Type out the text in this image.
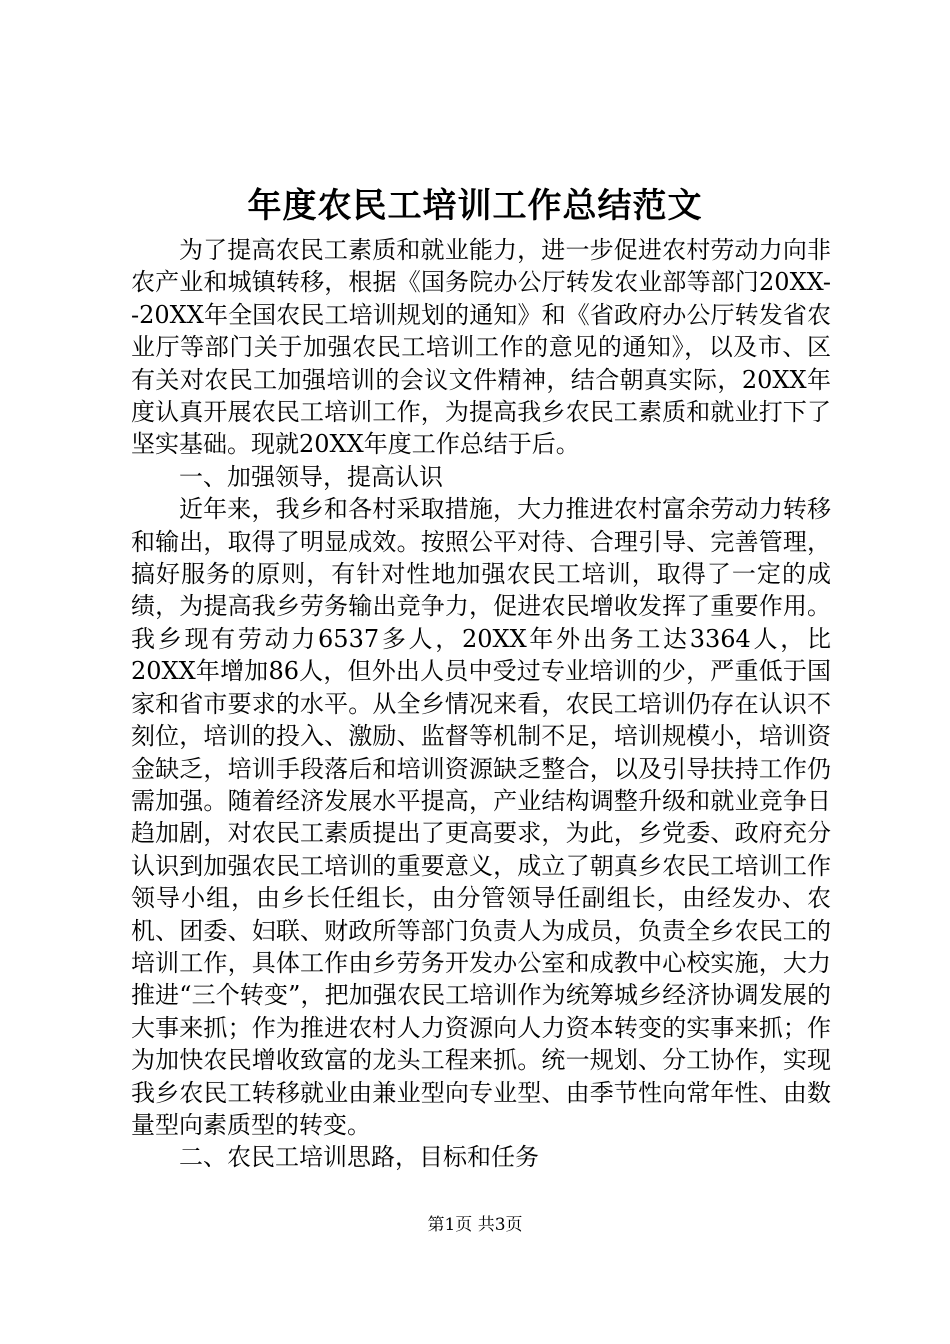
年度农民工培训工作总结范文

为了提高农民工素质和就业能力，进一步促进农村劳动力向非农产业和城镇转移，根据《国务院办公厅转发农业部等部门20XX--20XX年全国农民工培训规划的通知》和《省政府办公厅转发省农业厅等部门关于加强农民工培训工作的意见的通知》，以及市、区有关对农民工加强培训的会议文件精神，结合朝真实际，20XX年度认真开展农民工培训工作，为提高我乡农民工素质和就业打下了坚实基础。现就20XX年度工作总结于后。

一、加强领导，提高认识

近年来，我乡和各村采取措施，大力推进农村富余劳动力转移和输出，取得了明显成效。按照公平对待、合理引导、完善管理，搞好服务的原则，有针对性地加强农民工培训，取得了一定的成绩，为提高我乡劳务输出竞争力，促进农民增收发挥了重要作用。我乡现有劳动力6537多人，20XX年外出务工达3364人，比20XX年增加86人，但外出人员中受过专业培训的少，严重低于国家和省市要求的水平。从全乡情况来看，农民工培训仍存在认识不刻位，培训的投入、激励、监督等机制不足，培训规模小，培训资金缺乏，培训手段落后和培训资源缺乏整合，以及引导扶持工作仍需加强。随着经济发展水平提高，产业结构调整升级和就业竞争日趋加剧，对农民工素质提出了更高要求，为此，乡党委、政府充分认识到加强农民工培训的重要意义，成立了朝真乡农民工培训工作领导小组，由乡长任组长，由分管领导任副组长，由经发办、农机、团委、妇联、财政所等部门负责人为成员，负责全乡农民工的培训工作，具体工作由乡劳务开发办公室和成教中心校实施，大力推进“三个转变”，把加强农民工培训作为统筹城乡经济协调发展的大事来抓；作为推进农村人力资源向人力资本转变的实事来抓；作为加快农民增收致富的龙头工程来抓。统一规划、分工协作，实现我乡农民工转移就业由兼业型向专业型、由季节性向常年性、由数量型向素质型的转变。

二、农民工培训思路，目标和任务

第1页 共3页
